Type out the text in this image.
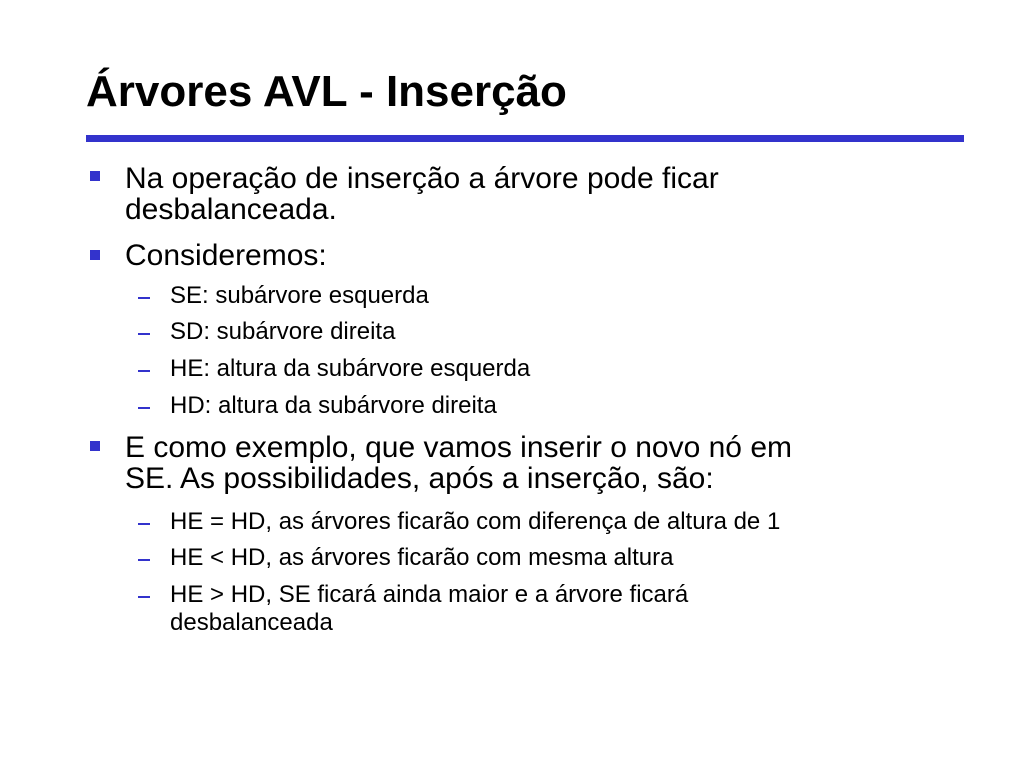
Árvores AVL - Inserção
Na operação de inserção a árvore pode ficar
desbalanceada.
Consideremos:
SE: subárvore esquerda
SD: subárvore direita
HE: altura da subárvore esquerda
HD: altura da subárvore direita
E como exemplo, que vamos inserir o novo nó em
SE. As possibilidades, após a inserção, são:
HE = HD, as árvores ficarão com diferença de altura de 1
HE < HD, as árvores ficarão com mesma altura
HE > HD, SE ficará ainda maior e a árvore ficará
desbalanceada
